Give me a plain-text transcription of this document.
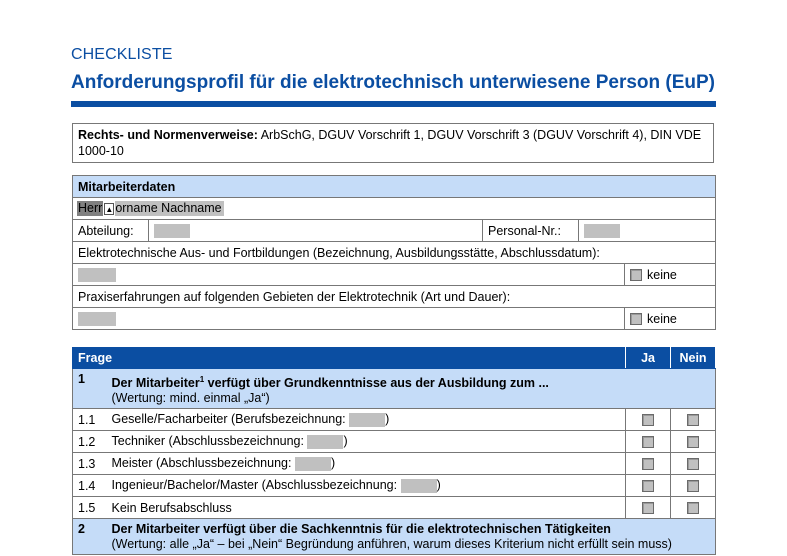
CHECKLISTE
Anforderungsprofil für die elektrotechnisch unterwiesene Person (EuP)
Rechts- und Normenverweise: ArbSchG, DGUV Vorschrift 1, DGUV Vorschrift 3 (DGUV Vorschrift 4), DIN VDE 1000-10
Mitarbeiterdaten				
Herr ▲ orname Nachname				
Abteilung:		Personal-Nr.:		
Elektrotechnische Aus- und Fortbildungen (Bezeichnung, Ausbildungsstätte, Abschlussdatum):				
				keine
Praxiserfahrungen auf folgenden Gebieten der Elektrotechnik (Art und Dauer):				
				keine
Frage		Ja	Nein
1	Der Mitarbeiter$^1$ verfügt über Grundkenntnisse aus der Ausbildung zum ...
(Wertung: mind. einmal „Ja“)		
1.1	Geselle/Facharbeiter (Berufsbezeichnung: )		
1.2	Techniker (Abschlussbezeichnung: )		
1.3	Meister (Abschlussbezeichnung: )		
1.4	Ingenieur/Bachelor/Master (Abschlussbezeichnung: )		
1.5	Kein Berufsabschluss		
2	Der Mitarbeiter verfügt über die Sachkenntnis für die elektrotechnischen Tätigkeiten
(Wertung: alle „Ja“ – bei „Nein“ Begründung anführen, warum dieses Kriterium nicht erfüllt sein muss)		
